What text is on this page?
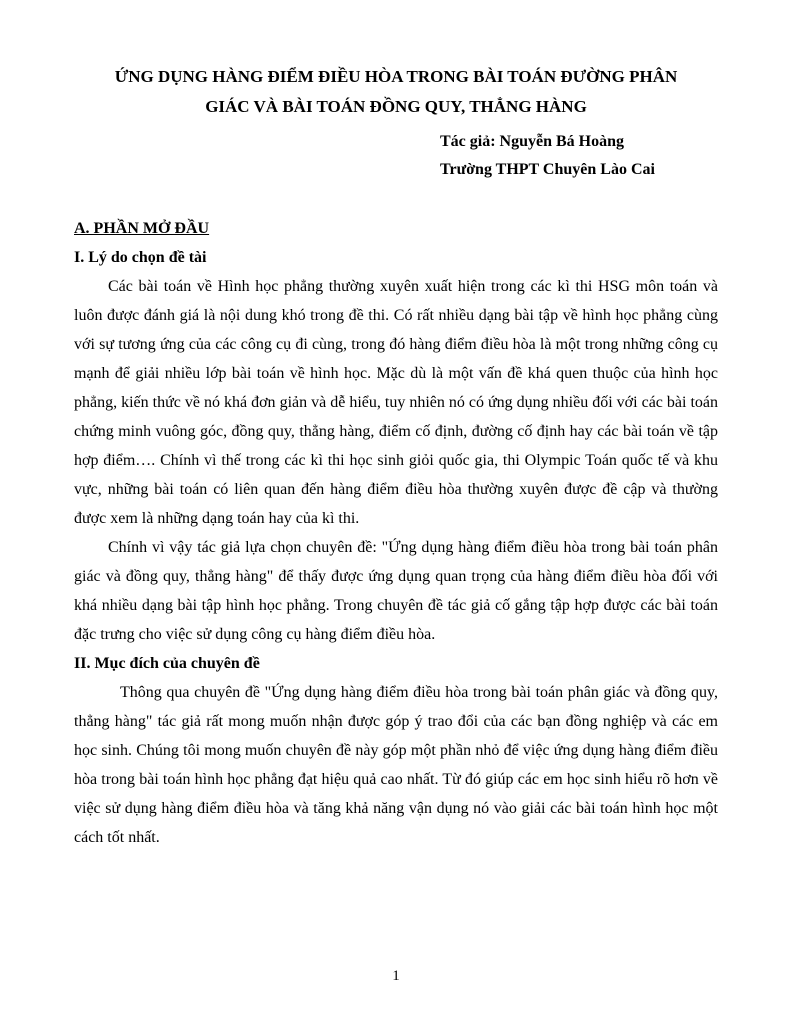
ỨNG DỤNG HÀNG ĐIỂM ĐIỀU HÒA TRONG BÀI TOÁN ĐƯỜNG PHÂN
GIÁC VÀ BÀI TOÁN ĐỒNG QUY, THẲNG HÀNG
Tác giả: Nguyễn Bá Hoàng
Trường THPT Chuyên Lào Cai

A. PHẦN MỞ ĐẦU

I. Lý do chọn đề tài

Các bài toán về Hình học phẳng thường xuyên xuất hiện trong các kì thi HSG môn toán và luôn được đánh giá là nội dung khó trong đề thi. Có rất nhiều dạng bài tập về hình học phẳng cùng với sự tương ứng của các công cụ đi cùng, trong đó hàng điểm điều hòa là một trong những công cụ mạnh để giải nhiều lớp bài toán về hình học. Mặc dù là một vấn đề khá quen thuộc của hình học phẳng, kiến thức về nó khá đơn giản và dễ hiểu, tuy nhiên nó có ứng dụng nhiều đối với các bài toán chứng minh vuông góc, đồng quy, thẳng hàng, điểm cố định, đường cố định hay các bài toán về tập hợp điểm…. Chính vì thế trong các kì thi học sinh giỏi quốc gia, thi Olympic Toán quốc tế và khu vực, những bài toán có liên quan đến hàng điểm điều hòa thường xuyên được đề cập và thường được xem là những dạng toán hay của kì thi.

Chính vì vậy tác giả lựa chọn chuyên đề: "Ứng dụng hàng điểm điều hòa trong bài toán phân giác và đồng quy, thẳng hàng" để thấy được ứng dụng quan trọng của hàng điểm điều hòa đối với khá nhiều dạng bài tập hình học phẳng. Trong chuyên đề tác giả cố gắng tập hợp được các bài toán đặc trưng cho việc sử dụng công cụ hàng điểm điều hòa.

II. Mục đích của chuyên đề

Thông qua chuyên đề "Ứng dụng hàng điểm điều hòa trong bài toán phân giác và đồng quy, thẳng hàng" tác giả rất mong muốn nhận được góp ý trao đổi của các bạn đồng nghiệp và các em học sinh. Chúng tôi mong muốn chuyên đề này góp một phần nhỏ để việc ứng dụng hàng điểm điều hòa trong bài toán hình học phẳng đạt hiệu quả cao nhất. Từ đó giúp các em học sinh hiểu rõ hơn về việc sử dụng hàng điểm điều hòa và tăng khả năng vận dụng nó vào giải các bài toán hình học một cách tốt nhất.

1
